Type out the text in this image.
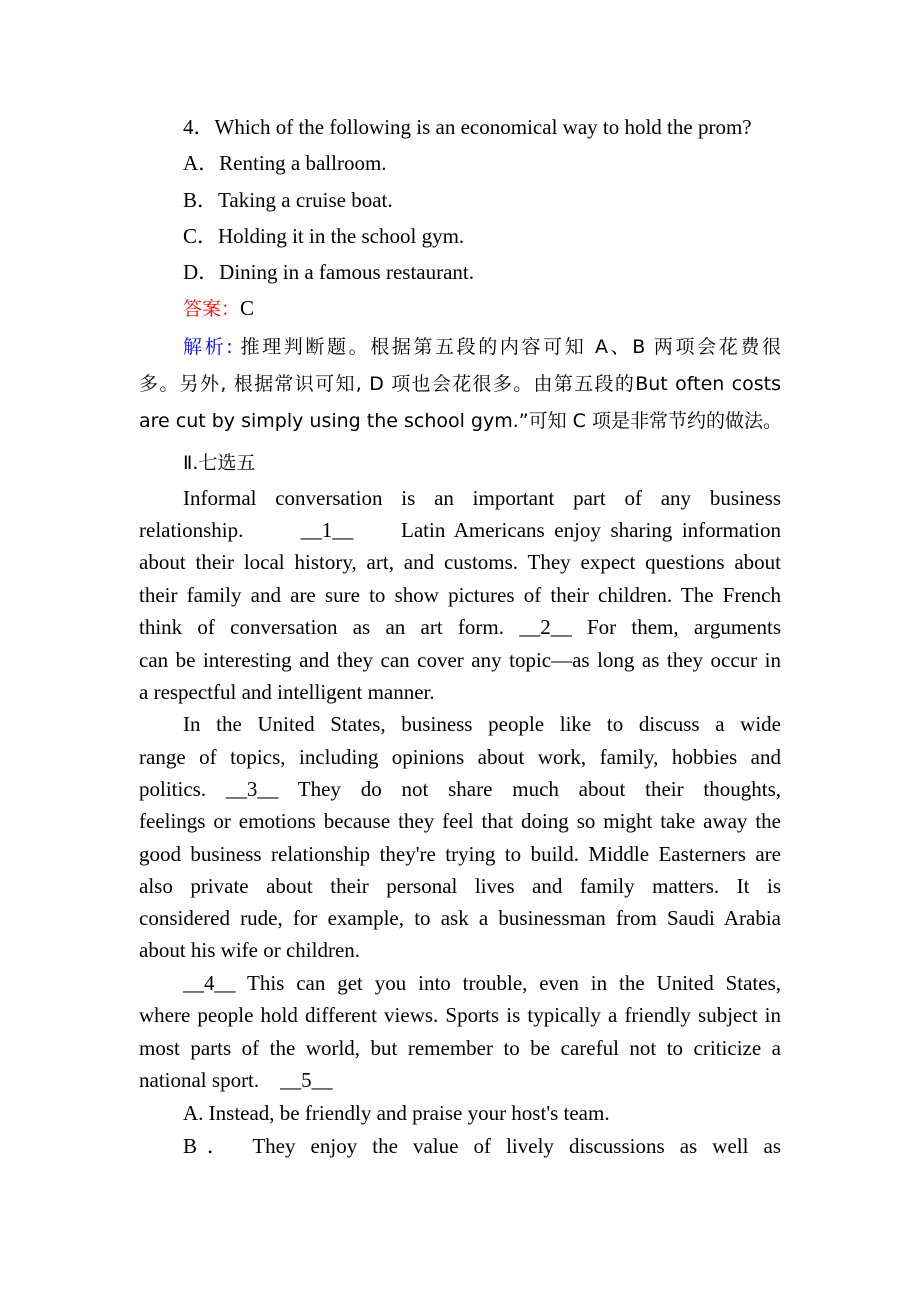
4．Which of the following is an economical way to hold the prom?
A．Renting a ballroom.
B．Taking a cruise boat.
C．Holding it in the school gym.
D．Dining in a famous restaurant.
答案：C
解析: 推理判断题。根据第五段的内容可知 A、B 两项会花费很
多。另外, 根据常识可知, D 项也会花很多。由第五段的But often costs
are cut by simply using the school gym.”可知 C 项是非常节约的做法。
Ⅱ.七选五
Informal conversation is an important part of any business
relationship.      __1__     Latin Americans enjoy sharing information
about their local history, art, and customs. They expect questions about
their family and are sure to show pictures of their children. The French
think of conversation as an art form. __2__ For them, arguments
can be interesting and they can cover any topic—as long as they occur in
a respectful and intelligent manner.
In the United States, business people like to discuss a wide
range of topics, including opinions about work, family, hobbies and
politics. __3__ They do not share much about their thoughts,
feelings or emotions because they feel that doing so might take away the
good business relationship they're trying to build. Middle Easterners are
also private about their personal lives and family matters. It is
considered rude, for example, to ask a businessman from Saudi Arabia
about his wife or children.
__4__ This can get you into trouble, even in the United States,
where people hold different views. Sports is typically a friendly subject in
most parts of the world, but remember to be careful not to criticize a
national sport.    __5__
A. Instead, be friendly and praise your host's team.
B． They enjoy the value of lively discussions as well as
